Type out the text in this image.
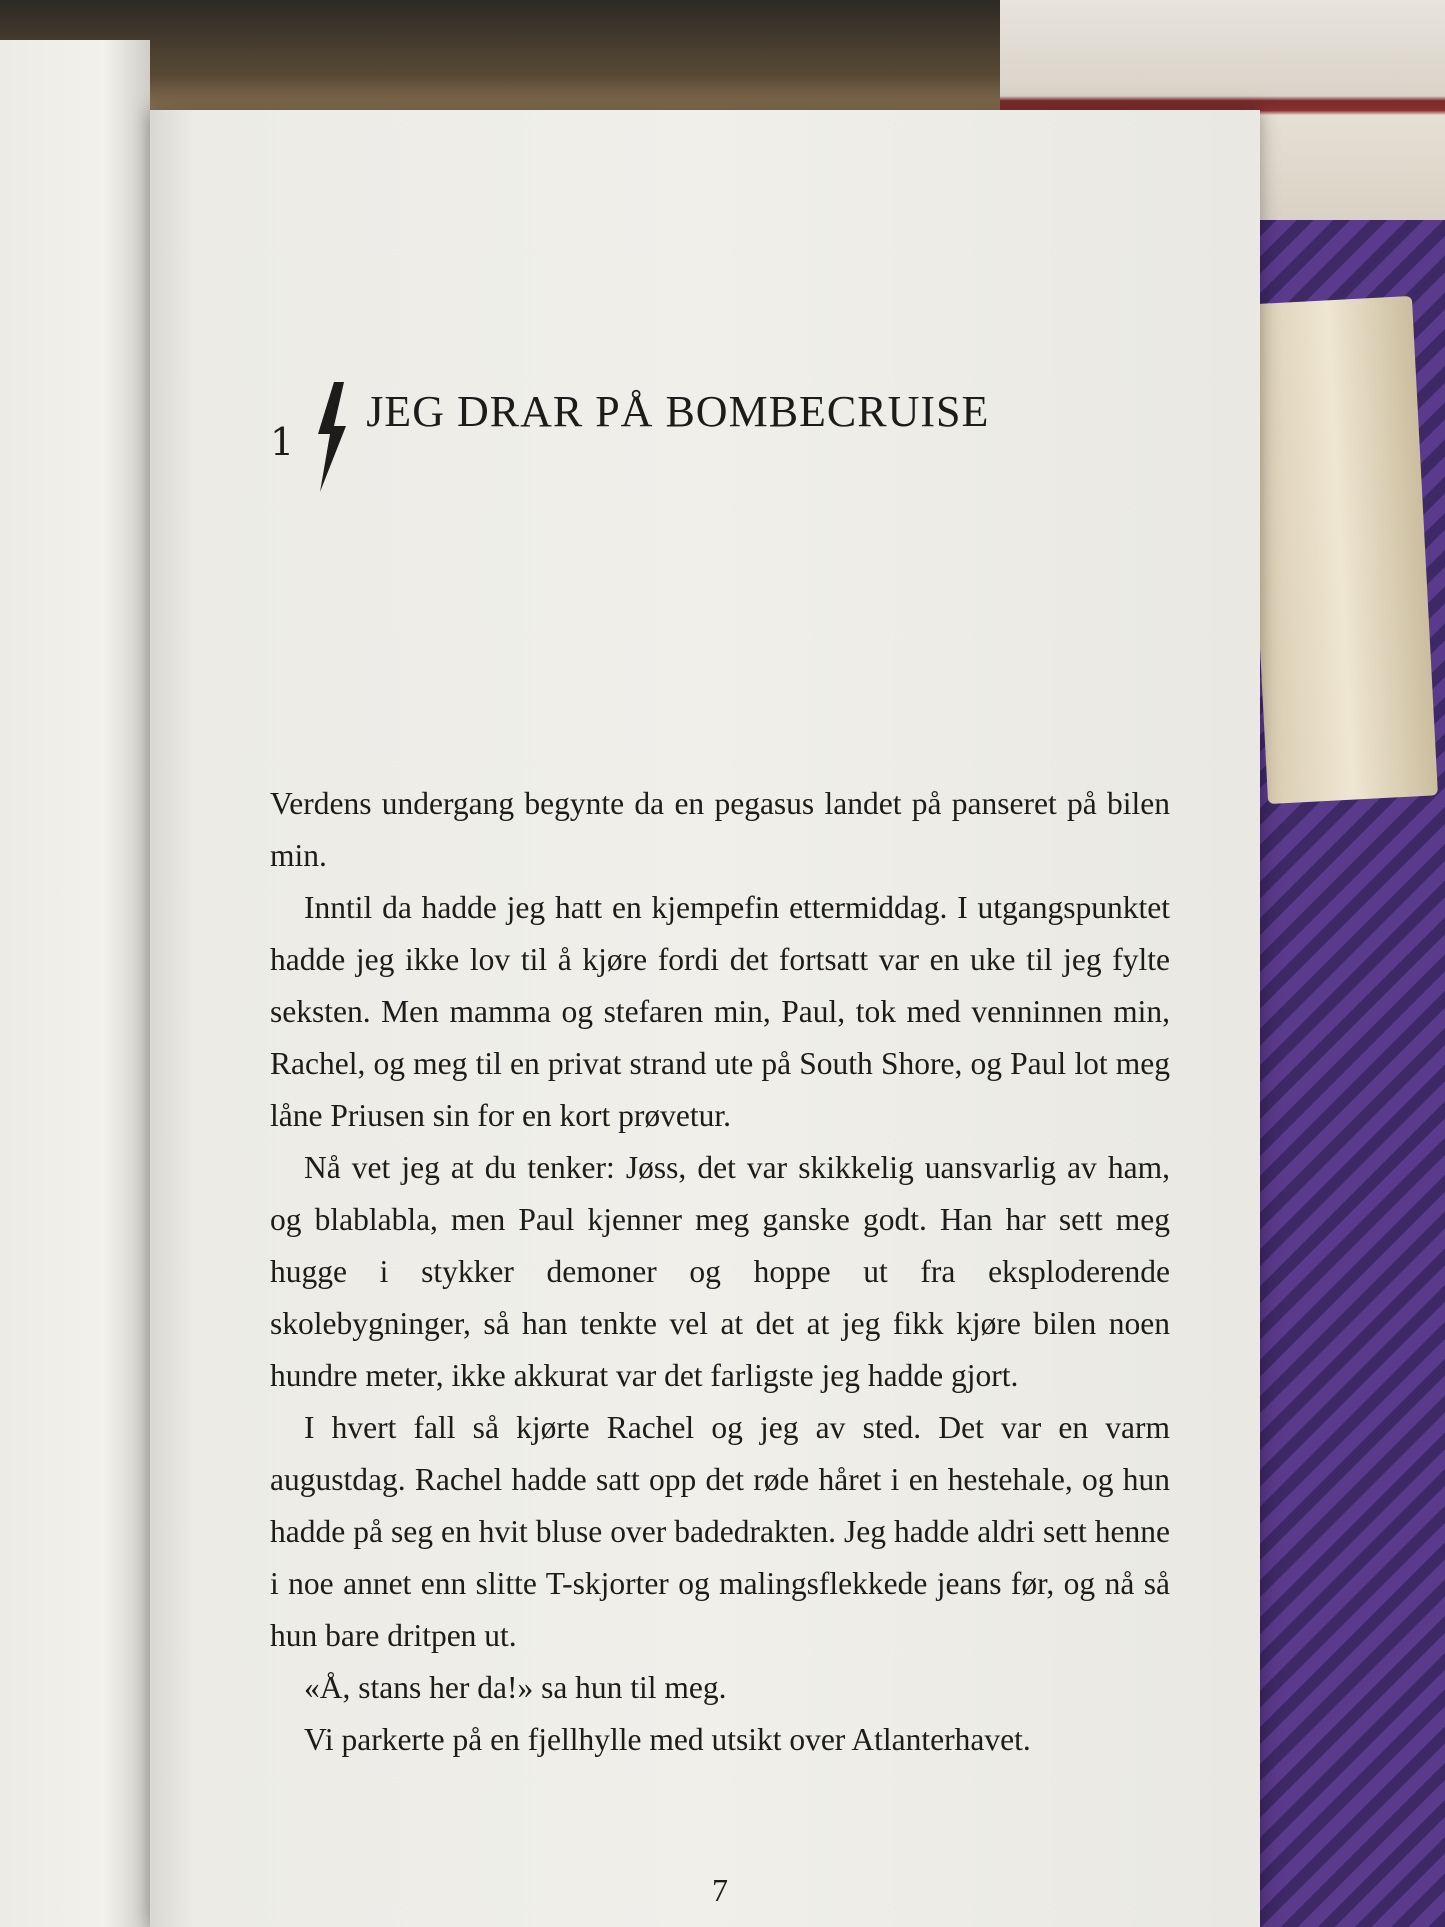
1
JEG DRAR PÅ BOMBECRUISE

Verdens undergang begynte da en pegasus landet på panseret på bilen min.

Inntil da hadde jeg hatt en kjempefin ettermiddag. I utgangspunktet hadde jeg ikke lov til å kjøre fordi det fortsatt var en uke til jeg fylte seksten. Men mamma og stefaren min, Paul, tok med venninnen min, Rachel, og meg til en privat strand ute på South Shore, og Paul lot meg låne Priusen sin for en kort prøvetur.

Nå vet jeg at du tenker: Jøss, det var skikkelig uansvarlig av ham, og blablabla, men Paul kjenner meg ganske godt. Han har sett meg hugge i stykker demoner og hoppe ut fra eksploderende skolebygninger, så han tenkte vel at det at jeg fikk kjøre bilen noen hundre meter, ikke akkurat var det farligste jeg hadde gjort.

I hvert fall så kjørte Rachel og jeg av sted. Det var en varm augustdag. Rachel hadde satt opp det røde håret i en hestehale, og hun hadde på seg en hvit bluse over badedrakten. Jeg hadde aldri sett henne i noe annet enn slitte T-skjorter og malingsflekkede jeans før, og nå så hun bare dritpen ut.

«Å, stans her da!» sa hun til meg.

Vi parkerte på en fjellhylle med utsikt over Atlanterhavet.

7
